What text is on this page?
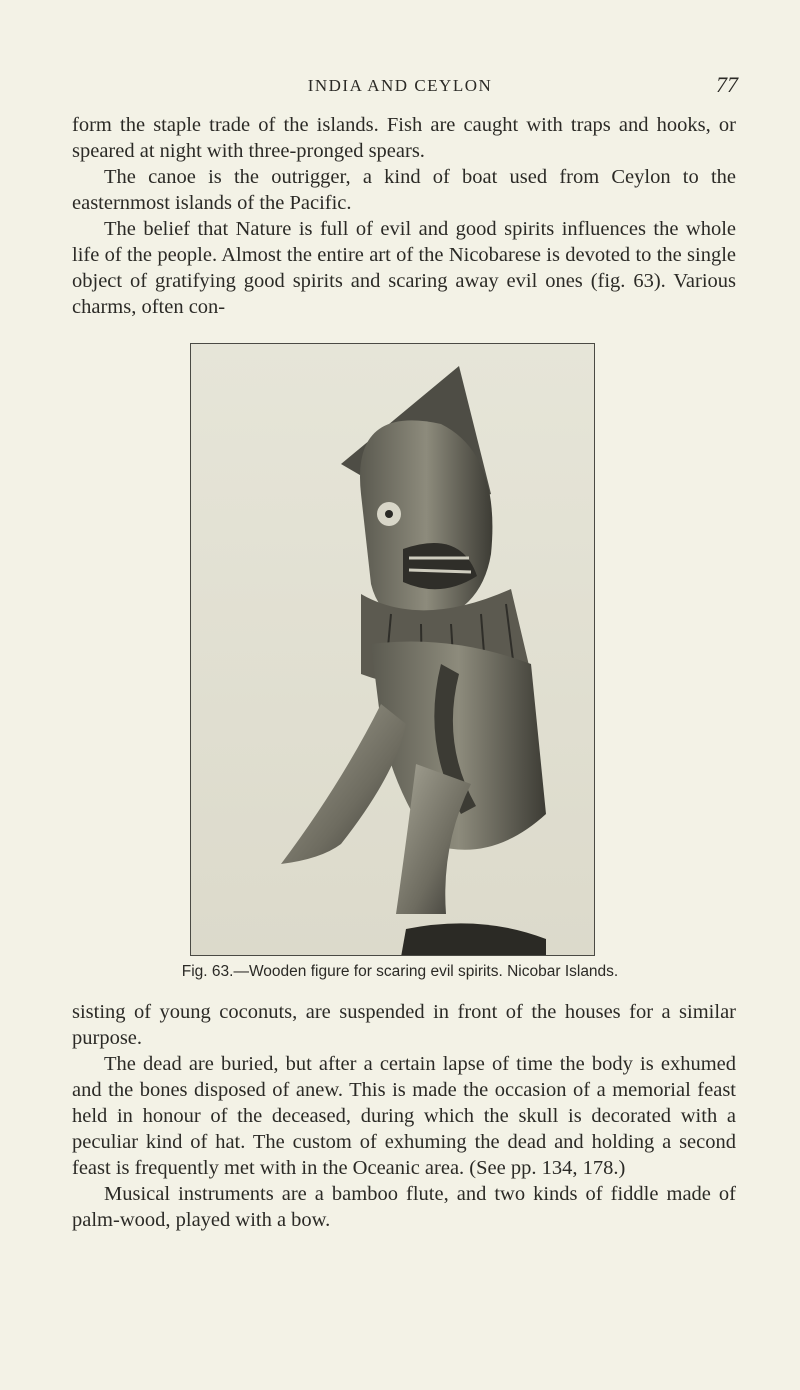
INDIA AND CEYLON	77

form the staple trade of the islands. Fish are caught with traps and hooks, or speared at night with three-pronged spears.

The canoe is the outrigger, a kind of boat used from Ceylon to the easternmost islands of the Pacific.

The belief that Nature is full of evil and good spirits influences the whole life of the people. Almost the entire art of the Nicobarese is devoted to the single object of gratifying good spirits and scaring away evil ones (fig. 63). Various charms, often con-

Fig. 63.—Wooden figure for scaring evil spirits. Nicobar Islands.

sisting of young coconuts, are suspended in front of the houses for a similar purpose.

The dead are buried, but after a certain lapse of time the body is exhumed and the bones disposed of anew. This is made the occasion of a memorial feast held in honour of the deceased, during which the skull is decorated with a peculiar kind of hat. The custom of exhuming the dead and holding a second feast is frequently met with in the Oceanic area. (See pp. 134, 178.)

Musical instruments are a bamboo flute, and two kinds of fiddle made of palm-wood, played with a bow.
